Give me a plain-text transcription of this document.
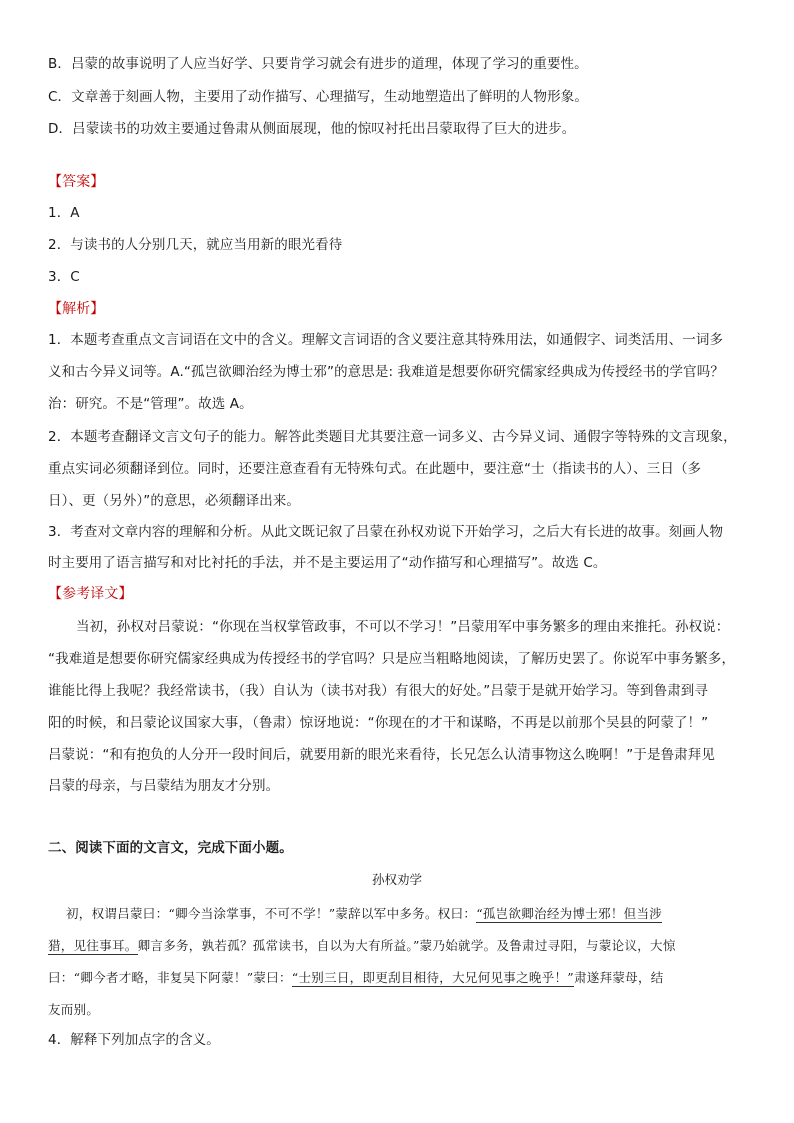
B．吕蒙的故事说明了人应当好学、只要肯学习就会有进步的道理，体现了学习的重要性。
C．文章善于刻画人物，主要用了动作描写、心理描写，生动地塑造出了鲜明的人物形象。
D．吕蒙读书的功效主要通过鲁肃从侧面展现，他的惊叹衬托出吕蒙取得了巨大的进步。
【答案】
1．A
2．与读书的人分别几天，就应当用新的眼光看待
3．C
【解析】
1．本题考查重点文言词语在文中的含义。理解文言词语的含义要注意其特殊用法，如通假字、词类活用、一词多
义和古今异义词等。A.“孤岂欲卿治经为博士邪”的意思是: 我难道是想要你研究儒家经典成为传授经书的学官吗？
治：研究。不是“管理”。故选 A。
2．本题考查翻译文言文句子的能力。解答此类题目尤其要注意一词多义、古今异义词、通假字等特殊的文言现象，
重点实词必须翻译到位。同时，还要注意查看有无特殊句式。在此题中，要注意“士（指读书的人）、三日（多
日）、更（另外）”的意思，必须翻译出来。
3．考查对文章内容的理解和分析。从此文既记叙了吕蒙在孙权劝说下开始学习，之后大有长进的故事。刻画人物
时主要用了语言描写和对比衬托的手法，并不是主要运用了“动作描写和心理描写”。故选 C。
【参考译文】
当初，孙权对吕蒙说：“你现在当权掌管政事，不可以不学习！”吕蒙用军中事务繁多的理由来推托。孙权说：
“我难道是想要你研究儒家经典成为传授经书的学官吗？只是应当粗略地阅读，了解历史罢了。你说军中事务繁多，
谁能比得上我呢？我经常读书，（我）自认为（读书对我）有很大的好处。”吕蒙于是就开始学习。等到鲁肃到寻
阳的时候，和吕蒙论议国家大事，（鲁肃）惊讶地说：“你现在的才干和谋略，不再是以前那个吴县的阿蒙了！”
吕蒙说：“和有抱负的人分开一段时间后，就要用新的眼光来看待，长兄怎么认清事物这么晚啊！”于是鲁肃拜见
吕蒙的母亲，与吕蒙结为朋友才分别。
二、阅读下面的文言文，完成下面小题。
孙权劝学
初，权谓吕蒙曰：“卿今当涂掌事，不可不学！”蒙辞以军中多务。权曰：“孤岂欲卿治经为博士邪！但当涉
猎，见往事耳。卿言多务，孰若孤？孤常读书，自以为大有所益。”蒙乃始就学。及鲁肃过寻阳，与蒙论议，大惊
曰：“卿今者才略，非复吴下阿蒙！”蒙曰：“士别三日，即更刮目相待，大兄何见事之晚乎！”肃遂拜蒙母，结
友而别。
4．解释下列加点字的含义。
